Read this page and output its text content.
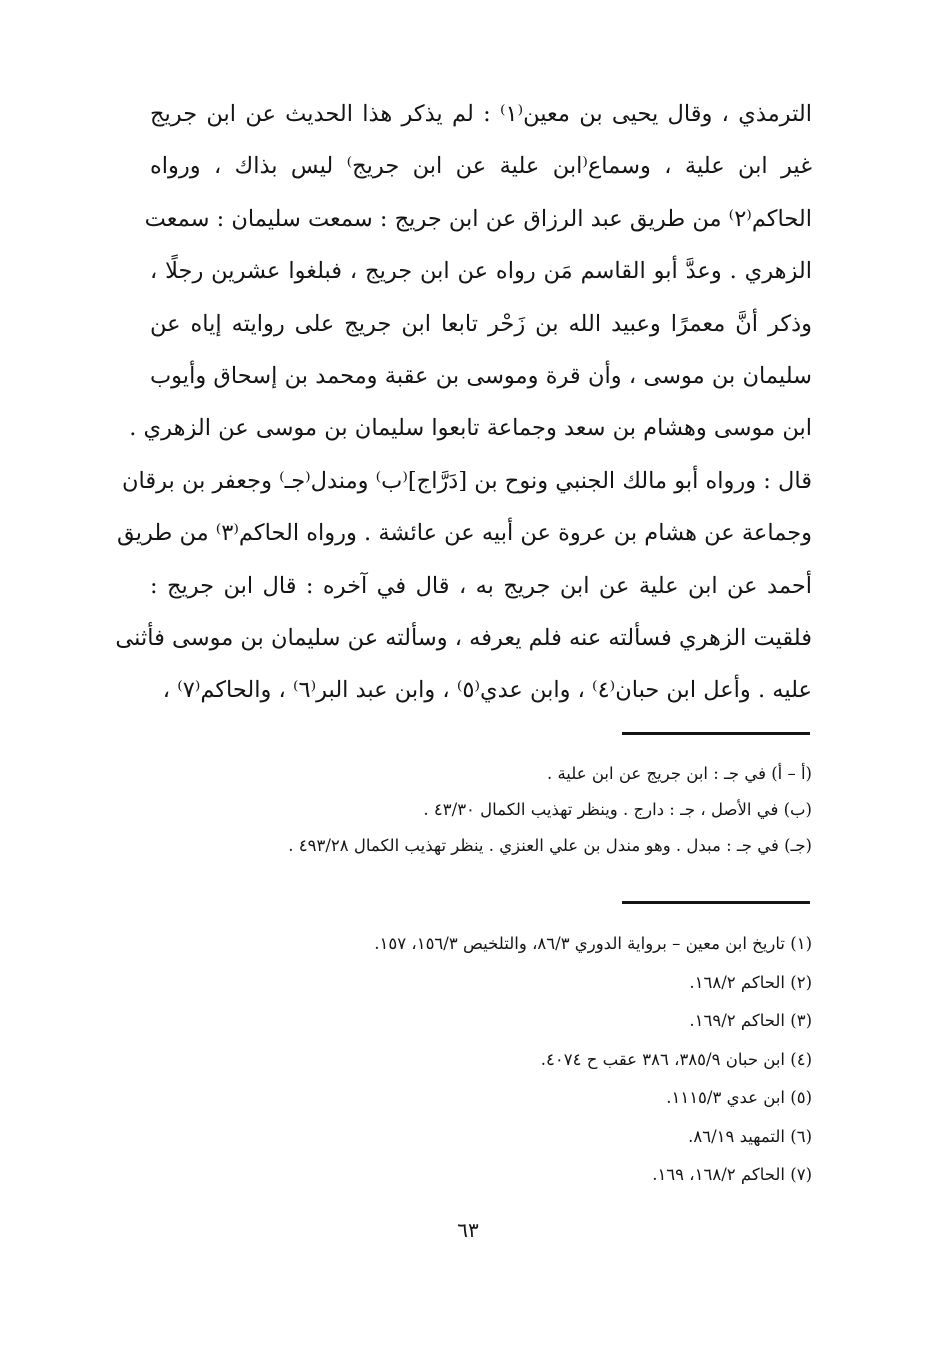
الترمذي ، وقال يحيى بن معين⁽١⁾ : لم يذكر هذا الحديث عن ابن جريج
غير ابن علية ، وسماع⁽ابن علية عن ابن جريج⁾ ليس بذاك ، ورواه
الحاكم⁽٢⁾ من طريق عبد الرزاق عن ابن جريج : سمعت سليمان : سمعت
الزهري . وعدَّ أبو القاسم مَن رواه عن ابن جريج ، فبلغوا عشرين رجلًا ،
وذكر أنَّ معمرًا وعبيد الله بن زَحْر تابعا ابن جريج على روايته إياه عن
سليمان بن موسى ، وأن قرة وموسى بن عقبة ومحمد بن إسحاق وأيوب
ابن موسى وهشام بن سعد وجماعة تابعوا سليمان بن موسى عن الزهري .
قال : ورواه أبو مالك الجنبي ونوح بن [دَرَّاج]⁽ب⁾ ومندل⁽جـ⁾ وجعفر بن برقان
وجماعة عن هشام بن عروة عن أبيه عن عائشة . ورواه الحاكم⁽٣⁾ من طريق
أحمد عن ابن علية عن ابن جريج به ، قال في آخره : قال ابن جريج :
فلقيت الزهري فسألته عنه فلم يعرفه ، وسألته عن سليمان بن موسى فأثنى
عليه . وأعل ابن حبان⁽٤⁾ ، وابن عدي⁽٥⁾ ، وابن عبد البر⁽٦⁾ ، والحاكم⁽٧⁾ ،
(أ – أ) في جـ : ابن جريج عن ابن علية .
(ب) في الأصل ، جـ : دارج . وينظر تهذيب الكمال ٤٣/٣٠ .
(جـ) في جـ : مبدل . وهو مندل بن علي العنزي . ينظر تهذيب الكمال ٤٩٣/٢٨ .
(١) تاريخ ابن معين – برواية الدوري ٨٦/٣، والتلخيص ١٥٦/٣، ١٥٧.
(٢) الحاكم ١٦٨/٢.
(٣) الحاكم ١٦٩/٢.
(٤) ابن حبان ٣٨٥/٩، ٣٨٦ عقب ح ٤٠٧٤.
(٥) ابن عدي ١١١٥/٣.
(٦) التمهيد ٨٦/١٩.
(٧) الحاكم ١٦٨/٢، ١٦٩.
٦٣
